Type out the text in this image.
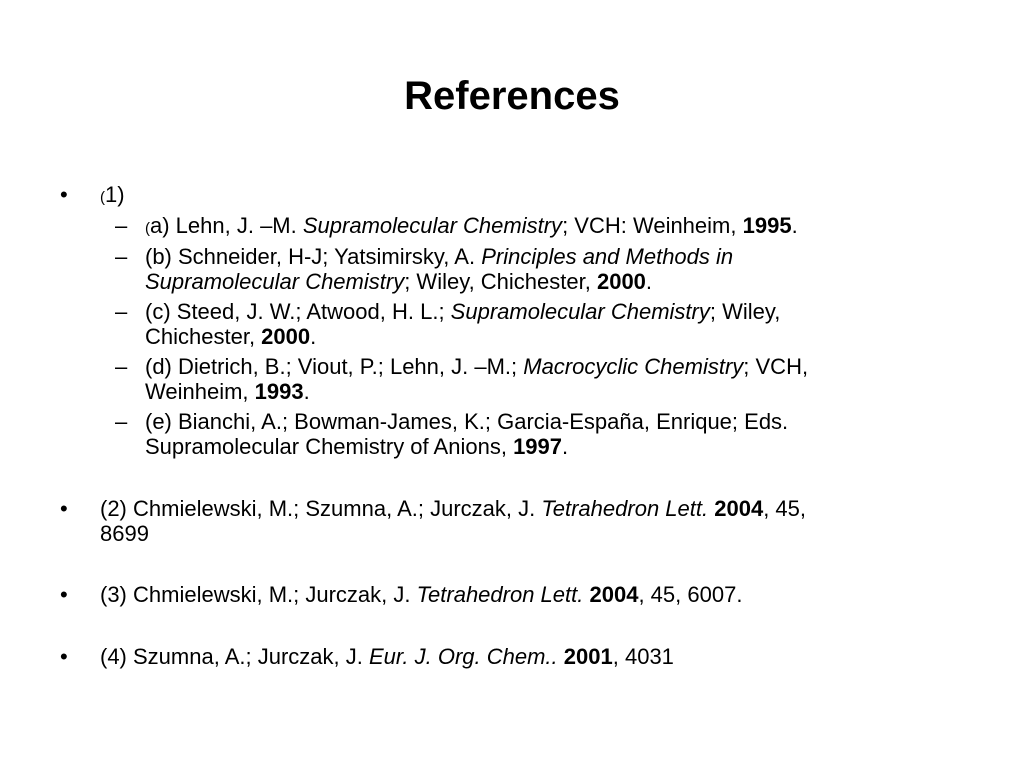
References
• (1)
– (a) Lehn, J. –M. Supramolecular Chemistry; VCH: Weinheim, 1995.
– (b) Schneider, H-J; Yatsimirsky, A. Principles and Methods in
Supramolecular Chemistry; Wiley, Chichester, 2000.
– (c) Steed, J. W.; Atwood, H. L.; Supramolecular Chemistry; Wiley,
Chichester, 2000.
– (d) Dietrich, B.; Viout, P.; Lehn, J. –M.; Macrocyclic Chemistry; VCH,
Weinheim, 1993.
– (e) Bianchi, A.; Bowman-James, K.; Garcia-España, Enrique; Eds.
Supramolecular Chemistry of Anions, 1997.
• (2) Chmielewski, M.; Szumna, A.; Jurczak, J. Tetrahedron Lett. 2004, 45,
8699
• (3) Chmielewski, M.; Jurczak, J. Tetrahedron Lett. 2004, 45, 6007.
• (4) Szumna, A.; Jurczak, J. Eur. J. Org. Chem.. 2001, 4031
